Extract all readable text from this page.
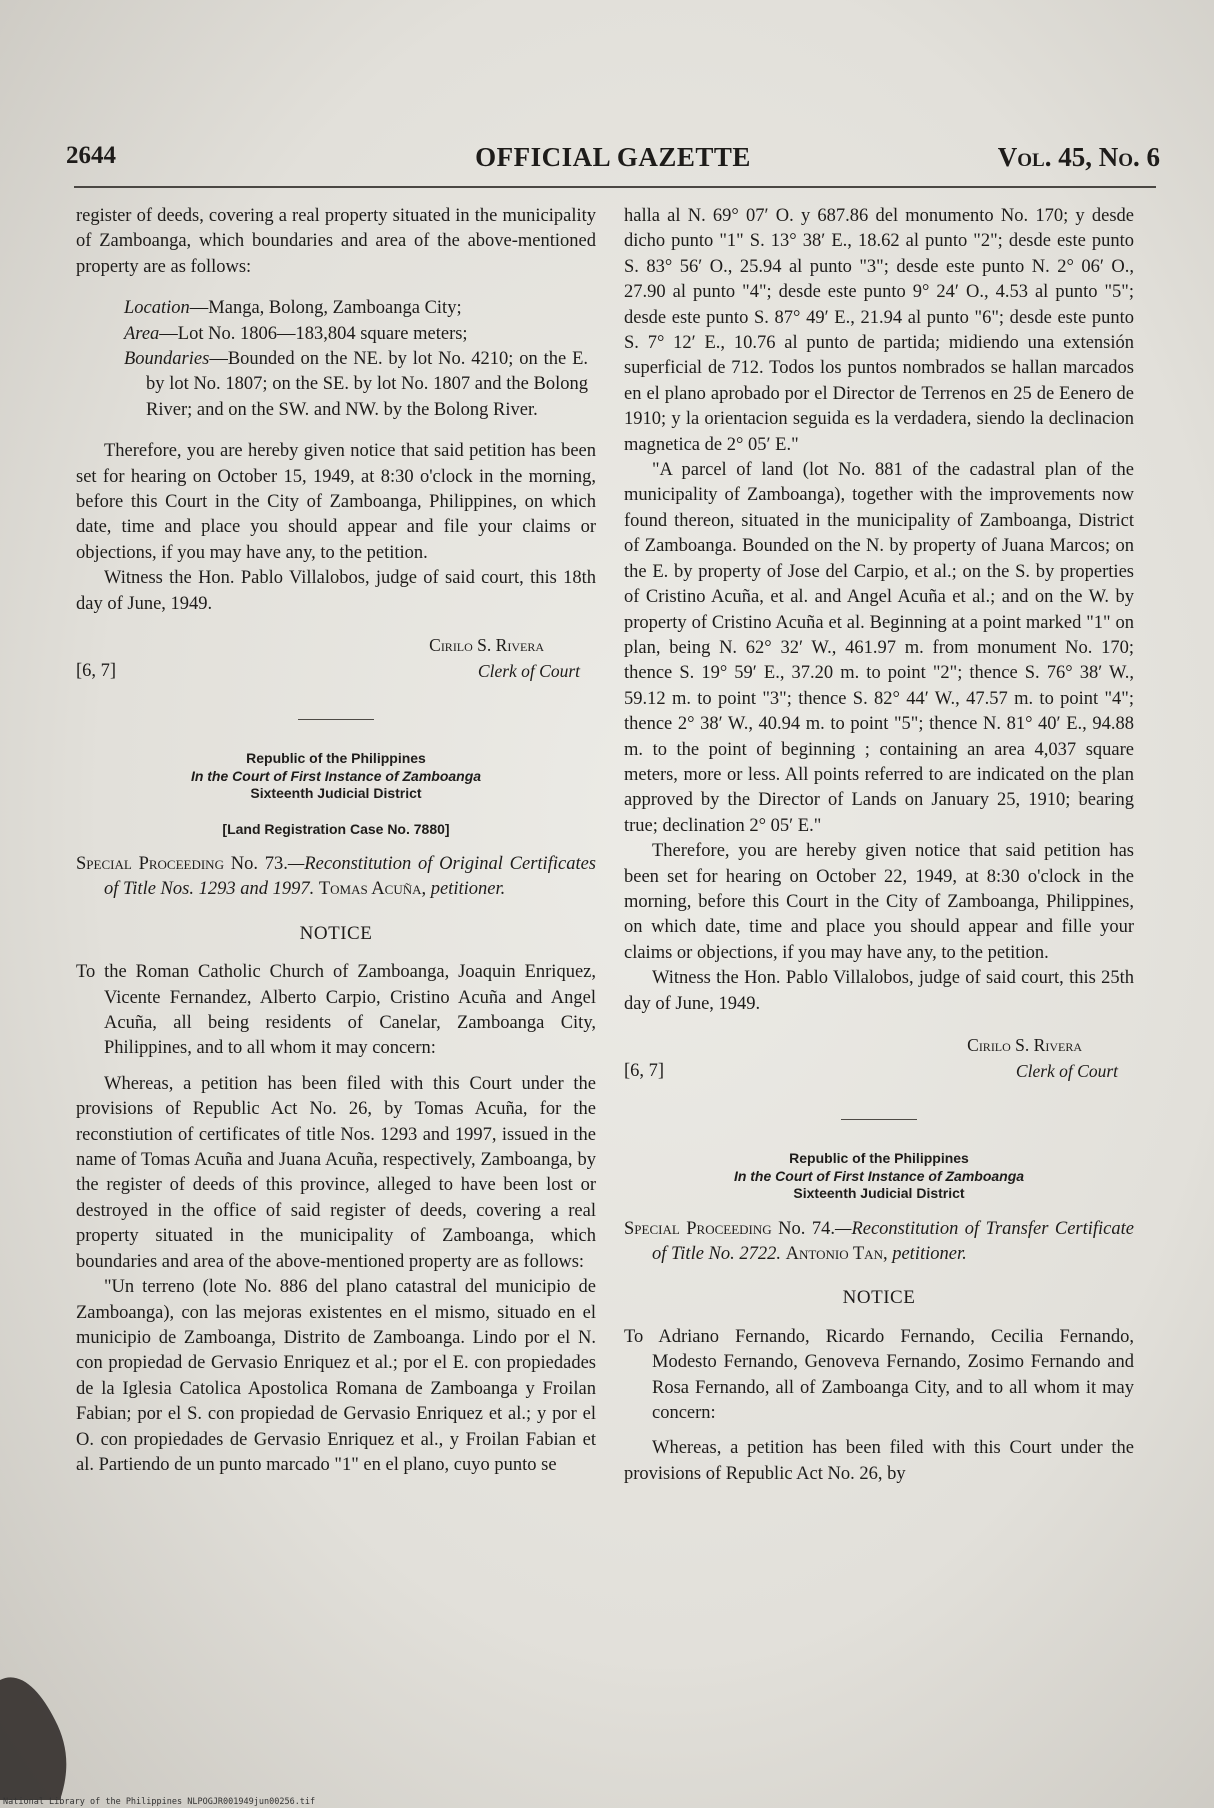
2644	OFFICIAL GAZETTE	Vol. 45, No. 6

register of deeds, covering a real property situated in the municipality of Zamboanga, which boundaries and area of the above-mentioned property are as follows:

Location—Manga, Bolong, Zamboanga City;
Area—Lot No. 1806—183,804 square meters;
Boundaries—Bounded on the NE. by lot No. 4210; on the E. by lot No. 1807; on the SE. by lot No. 1807 and the Bolong River; and on the SW. and NW. by the Bolong River.

Therefore, you are hereby given notice that said petition has been set for hearing on October 15, 1949, at 8:30 o'clock in the morning, before this Court in the City of Zamboanga, Philippines, on which date, time and place you should appear and file your claims or objections, if you may have any, to the petition.

Witness the Hon. Pablo Villalobos, judge of said court, this 18th day of June, 1949.

[6, 7]
Cirilo S. Rivera
Clerk of Court
Republic of the Philippines
In the Court of First Instance of Zamboanga
Sixteenth Judicial District
[Land Registration Case No. 7880]

Special Proceeding No. 73.—Reconstitution of Original Certificates of Title Nos. 1293 and 1997. Tomas Acuña, petitioner.

NOTICE

To the Roman Catholic Church of Zamboanga, Joaquin Enriquez, Vicente Fernandez, Alberto Carpio, Cristino Acuña and Angel Acuña, all being residents of Canelar, Zamboanga City, Philippines, and to all whom it may concern:

Whereas, a petition has been filed with this Court under the provisions of Republic Act No. 26, by Tomas Acuña, for the reconstiution of certificates of title Nos. 1293 and 1997, issued in the name of Tomas Acuña and Juana Acuña, respectively, Zamboanga, by the register of deeds of this province, alleged to have been lost or destroyed in the office of said register of deeds, covering a real property situated in the municipality of Zamboanga, which boundaries and area of the above-mentioned property are as follows:

"Un terreno (lote No. 886 del plano catastral del municipio de Zamboanga), con las mejoras existentes en el mismo, situado en el municipio de Zamboanga, Distrito de Zamboanga. Lindo por el N. con propiedad de Gervasio Enriquez et al.; por el E. con propiedades de la Iglesia Catolica Apostolica Romana de Zamboanga y Froilan Fabian; por el S. con propiedad de Gervasio Enriquez et al.; y por el O. con propiedades de Gervasio Enriquez et al., y Froilan Fabian et al. Partiendo de un punto marcado "1" en el plano, cuyo punto se

halla al N. 69° 07′ O. y 687.86 del monumento No. 170; y desde dicho punto "1" S. 13° 38′ E., 18.62 al punto "2"; desde este punto S. 83° 56′ O., 25.94 al punto "3"; desde este punto N. 2° 06′ O., 27.90 al punto "4"; desde este punto 9° 24′ O., 4.53 al punto "5"; desde este punto S. 87° 49′ E., 21.94 al punto "6"; desde este punto S. 7° 12′ E., 10.76 al punto de partida; midiendo una extensión superficial de 712. Todos los puntos nombrados se hallan marcados en el plano aprobado por el Director de Terrenos en 25 de Eenero de 1910; y la orientacion seguida es la verdadera, siendo la declinacion magnetica de 2° 05′ E."

"A parcel of land (lot No. 881 of the cadastral plan of the municipality of Zamboanga), together with the improvements now found thereon, situated in the municipality of Zamboanga, District of Zamboanga. Bounded on the N. by property of Juana Marcos; on the E. by property of Jose del Carpio, et al.; on the S. by properties of Cristino Acuña, et al. and Angel Acuña et al.; and on the W. by property of Cristino Acuña et al. Beginning at a point marked "1" on plan, being N. 62° 32′ W., 461.97 m. from monument No. 170; thence S. 19° 59′ E., 37.20 m. to point "2"; thence S. 76° 38′ W., 59.12 m. to point "3"; thence S. 82° 44′ W., 47.57 m. to point "4"; thence 2° 38′ W., 40.94 m. to point "5"; thence N. 81° 40′ E., 94.88 m. to the point of beginning ; containing an area 4,037 square meters, more or less. All points referred to are indicated on the plan approved by the Director of Lands on January 25, 1910; bearing true; declination 2° 05′ E."

Therefore, you are hereby given notice that said petition has been set for hearing on October 22, 1949, at 8:30 o'clock in the morning, before this Court in the City of Zamboanga, Philippines, on which date, time and place you should appear and fille your claims or objections, if you may have any, to the petition.

Witness the Hon. Pablo Villalobos, judge of said court, this 25th day of June, 1949.

[6, 7]
Cirilo S. Rivera
Clerk of Court
Republic of the Philippines
In the Court of First Instance of Zamboanga
Sixteenth Judicial District

Special Proceeding No. 74.—Reconstitution of Transfer Certificate of Title No. 2722. Antonio Tan, petitioner.

NOTICE

To Adriano Fernando, Ricardo Fernando, Cecilia Fernando, Modesto Fernando, Genoveva Fernando, Zosimo Fernando and Rosa Fernando, all of Zamboanga City, and to all whom it may concern:

Whereas, a petition has been filed with this Court under the provisions of Republic Act No. 26, by

National Library of the Philippines NLPOGJR001949jun00256.tif
